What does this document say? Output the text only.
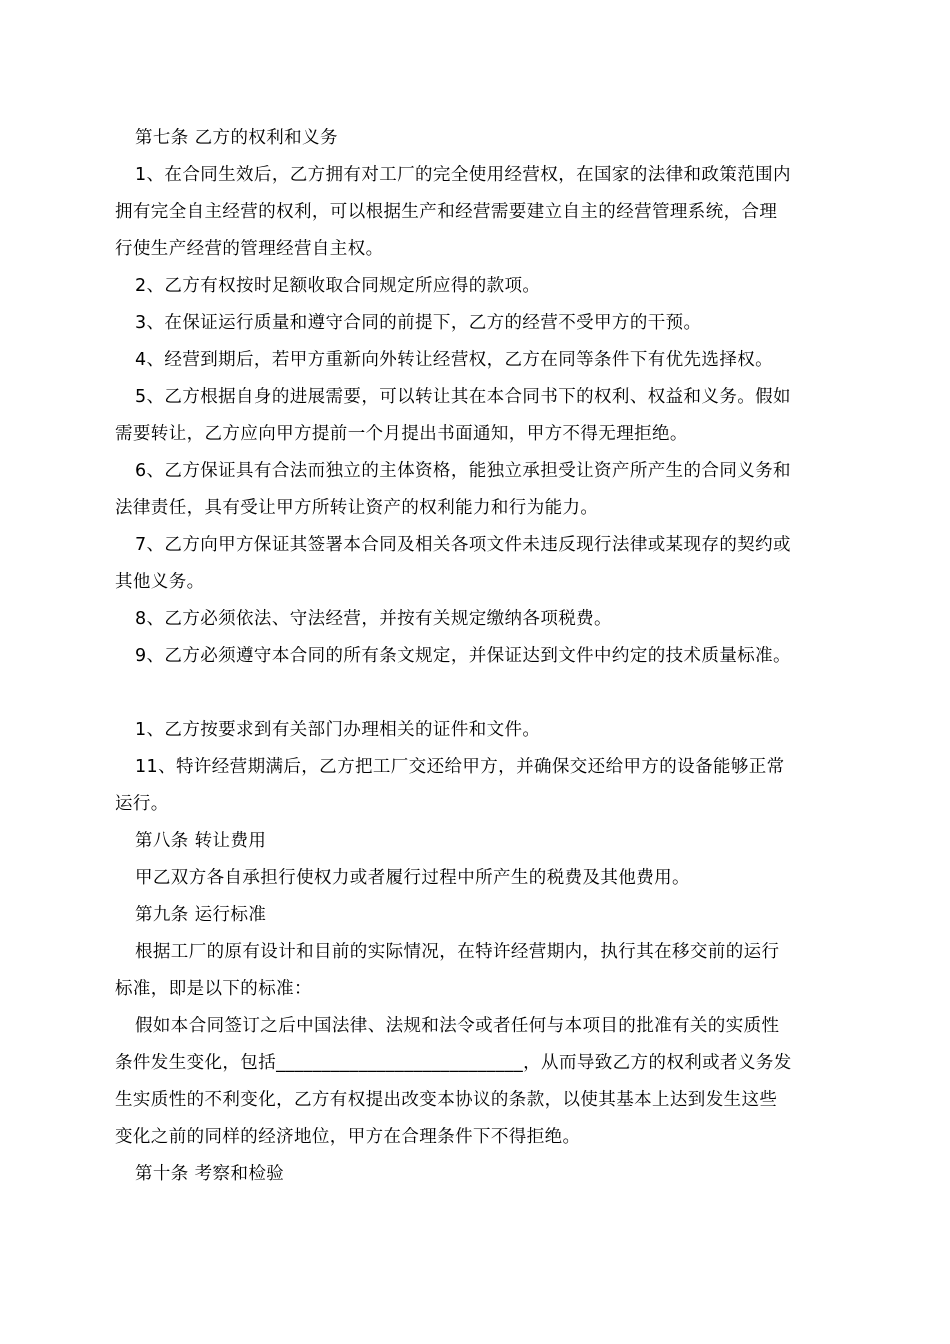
第七条 乙方的权利和义务
1、在合同生效后，乙方拥有对工厂的完全使用经营权，在国家的法律和政策范围内
拥有完全自主经营的权利，可以根据生产和经营需要建立自主的经营管理系统，合理
行使生产经营的管理经营自主权。
2、乙方有权按时足额收取合同规定所应得的款项。
3、在保证运行质量和遵守合同的前提下，乙方的经营不受甲方的干预。
4、经营到期后，若甲方重新向外转让经营权，乙方在同等条件下有优先选择权。
5、乙方根据自身的进展需要，可以转让其在本合同书下的权利、权益和义务。假如
需要转让，乙方应向甲方提前一个月提出书面通知，甲方不得无理拒绝。
6、乙方保证具有合法而独立的主体资格，能独立承担受让资产所产生的合同义务和
法律责任，具有受让甲方所转让资产的权利能力和行为能力。
7、乙方向甲方保证其签署本合同及相关各项文件未违反现行法律或某现存的契约或
其他义务。
8、乙方必须依法、守法经营，并按有关规定缴纳各项税费。
9、乙方必须遵守本合同的所有条文规定，并保证达到文件中约定的技术质量标准。
1、乙方按要求到有关部门办理相关的证件和文件。
11、特许经营期满后，乙方把工厂交还给甲方，并确保交还给甲方的设备能够正常
运行。
第八条 转让费用
甲乙双方各自承担行使权力或者履行过程中所产生的税费及其他费用。
第九条 运行标准
根据工厂的原有设计和目前的实际情况，在特许经营期内，执行其在移交前的运行
标准，即是以下的标准：
假如本合同签订之后中国法律、法规和法令或者任何与本项目的批准有关的实质性
条件发生变化，包括___________________________，从而导致乙方的权利或者义务发
生实质性的不利变化，乙方有权提出改变本协议的条款，以使其基本上达到发生这些
变化之前的同样的经济地位，甲方在合理条件下不得拒绝。
第十条 考察和检验
